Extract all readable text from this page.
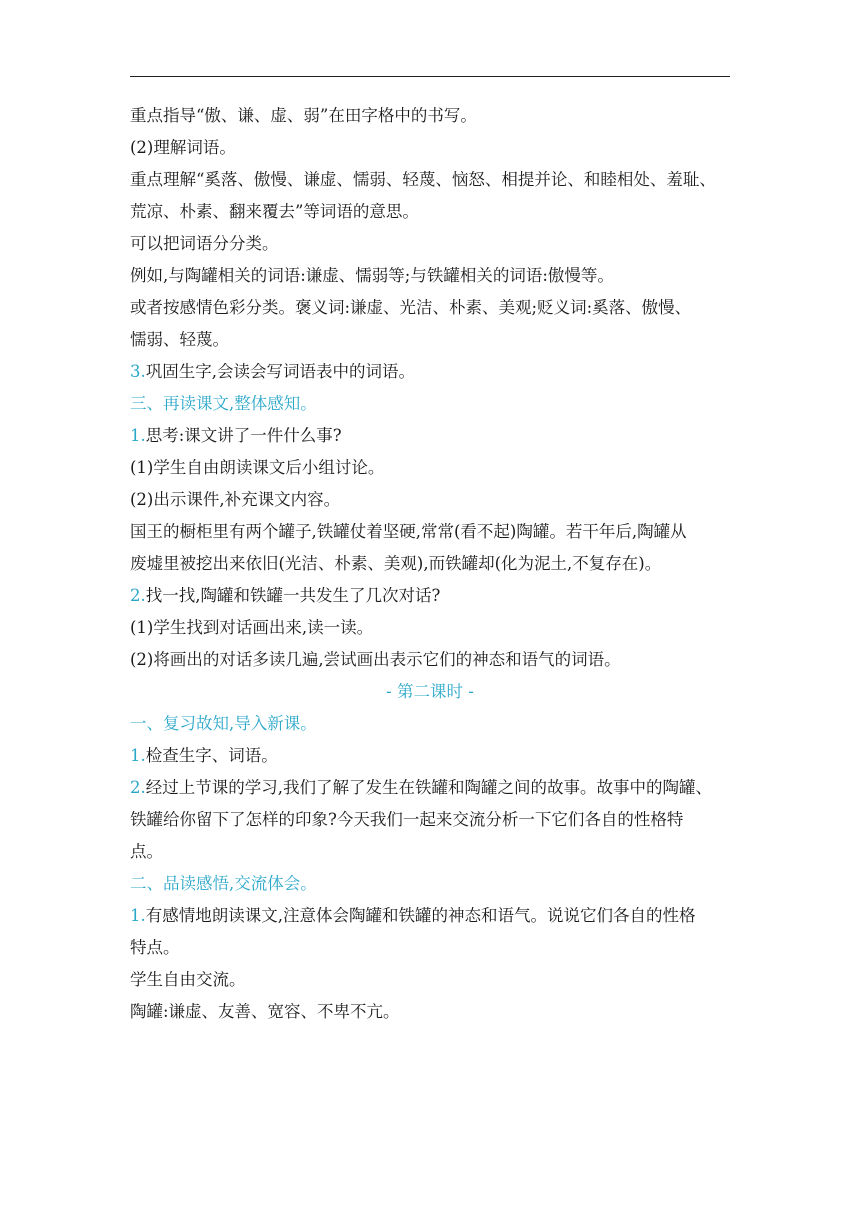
重点指导“傲、谦、虚、弱”在田字格中的书写。
(2)理解词语。
重点理解“奚落、傲慢、谦虚、懦弱、轻蔑、恼怒、相提并论、和睦相处、羞耻、
荒凉、朴素、翻来覆去”等词语的意思。
可以把词语分分类。
例如,与陶罐相关的词语:谦虚、懦弱等;与铁罐相关的词语:傲慢等。
或者按感情色彩分类。褒义词:谦虚、光洁、朴素、美观;贬义词:奚落、傲慢、
懦弱、轻蔑。
3.巩固生字,会读会写词语表中的词语。
三、再读课文,整体感知。
1.思考:课文讲了一件什么事?
(1)学生自由朗读课文后小组讨论。
(2)出示课件,补充课文内容。
国王的橱柜里有两个罐子,铁罐仗着坚硬,常常(看不起)陶罐。若干年后,陶罐从
废墟里被挖出来依旧(光洁、朴素、美观),而铁罐却(化为泥土,不复存在)。
2.找一找,陶罐和铁罐一共发生了几次对话?
(1)学生找到对话画出来,读一读。
(2)将画出的对话多读几遍,尝试画出表示它们的神态和语气的词语。
- 第二课时 -
一、复习故知,导入新课。
1.检查生字、词语。
2.经过上节课的学习,我们了解了发生在铁罐和陶罐之间的故事。故事中的陶罐、
铁罐给你留下了怎样的印象?今天我们一起来交流分析一下它们各自的性格特
点。
二、品读感悟,交流体会。
1.有感情地朗读课文,注意体会陶罐和铁罐的神态和语气。说说它们各自的性格
特点。
学生自由交流。
陶罐:谦虚、友善、宽容、不卑不亢。
